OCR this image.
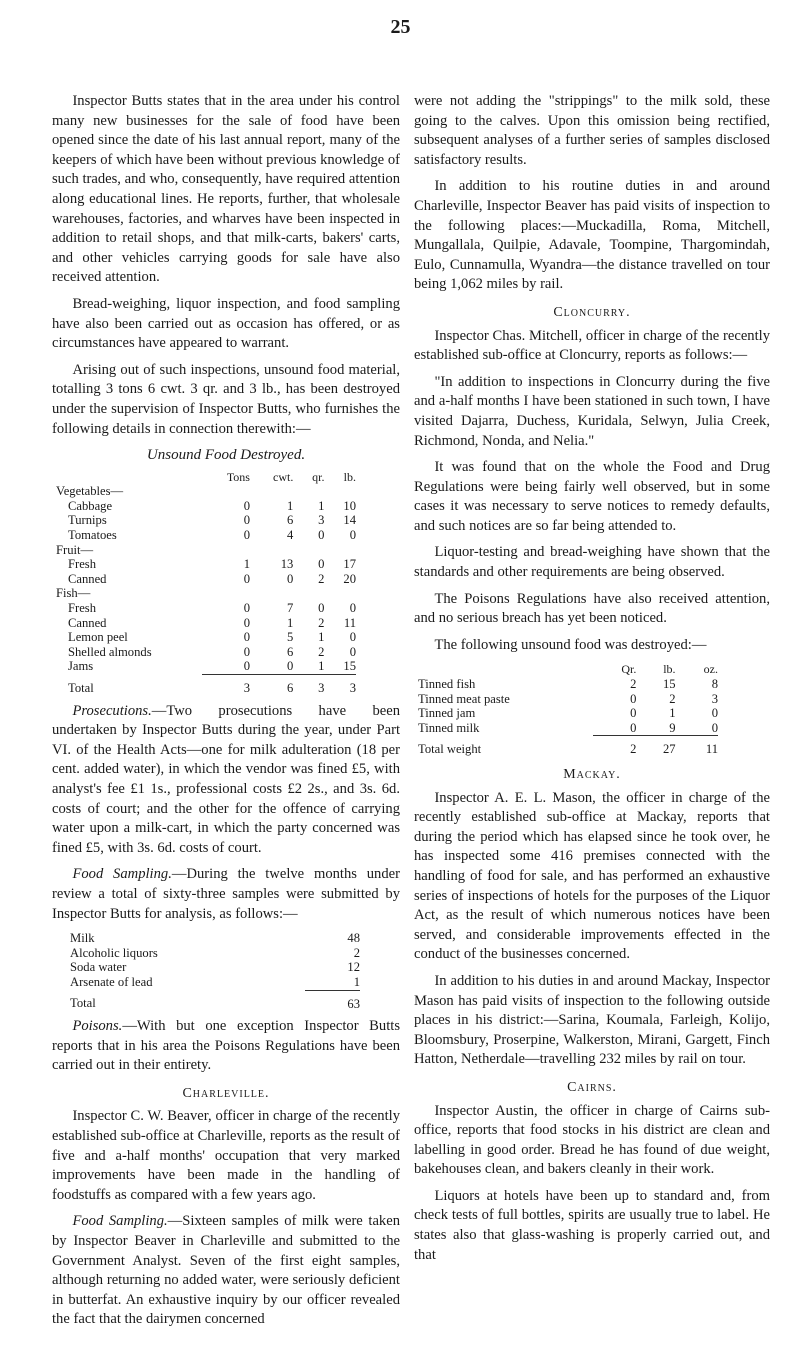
25

Inspector Butts states that in the area under his control many new businesses for the sale of food have been opened since the date of his last annual report, many of the keepers of which have been without previous knowledge of such trades, and who, consequently, have required attention along educational lines. He reports, further, that wholesale warehouses, factories, and wharves have been inspected in addition to retail shops, and that milk-carts, bakers' carts, and other vehicles carrying goods for sale have also received attention.

Bread-weighing, liquor inspection, and food sampling have also been carried out as occasion has offered, or as circumstances have appeared to warrant.

Arising out of such inspections, unsound food material, totalling 3 tons 6 cwt. 3 qr. and 3 lb., has been destroyed under the supervision of Inspector Butts, who furnishes the following details in connection therewith:—

Unsound Food Destroyed.
	Tons	cwt.	qr.	lb.
Vegetables—				
Cabbage	0	1	1	10
Turnips	0	6	3	14
Tomatoes	0	4	0	0
Fruit—				
Fresh	1	13	0	17
Canned	0	0	2	20
Fish—				
Fresh	0	7	0	0
Canned	0	1	2	11
Lemon peel	0	5	1	0
Shelled almonds	0	6	2	0
Jams	0	0	1	15
Total	3	6	3	3

Prosecutions.—Two prosecutions have been undertaken by Inspector Butts during the year, under Part VI. of the Health Acts—one for milk adulteration (18 per cent. added water), in which the vendor was fined £5, with analyst's fee £1 1s., professional costs £2 2s., and 3s. 6d. costs of court; and the other for the offence of carrying water upon a milk-cart, in which the party concerned was fined £5, with 3s. 6d. costs of court.

Food Sampling.—During the twelve months under review a total of sixty-three samples were submitted by Inspector Butts for analysis, as follows:—

Milk	48
Alcoholic liquors	2
Soda water	12
Arsenate of lead	1
Total	63

Poisons.—With but one exception Inspector Butts reports that in his area the Poisons Regulations have been carried out in their entirety.

Charleville.

Inspector C. W. Beaver, officer in charge of the recently established sub-office at Charleville, reports as the result of five and a-half months' occupation that very marked improvements have been made in the handling of foodstuffs as compared with a few years ago.

Food Sampling.—Sixteen samples of milk were taken by Inspector Beaver in Charleville and submitted to the Government Analyst. Seven of the first eight samples, although returning no added water, were seriously deficient in butterfat. An exhaustive inquiry by our officer revealed the fact that the dairymen concerned

were not adding the "strippings" to the milk sold, these going to the calves. Upon this omission being rectified, subsequent analyses of a further series of samples disclosed satisfactory results.

In addition to his routine duties in and around Charleville, Inspector Beaver has paid visits of inspection to the following places:—Muckadilla, Roma, Mitchell, Mungallala, Quilpie, Adavale, Toompine, Thargomindah, Eulo, Cunnamulla, Wyandra—the distance travelled on tour being 1,062 miles by rail.

Cloncurry.

Inspector Chas. Mitchell, officer in charge of the recently established sub-office at Cloncurry, reports as follows:—

"In addition to inspections in Cloncurry during the five and a-half months I have been stationed in such town, I have visited Dajarra, Duchess, Kuridala, Selwyn, Julia Creek, Richmond, Nonda, and Nelia."

It was found that on the whole the Food and Drug Regulations were being fairly well observed, but in some cases it was necessary to serve notices to remedy defaults, and such notices are so far being attended to.

Liquor-testing and bread-weighing have shown that the standards and other requirements are being observed.

The Poisons Regulations have also received attention, and no serious breach has yet been noticed.

The following unsound food was destroyed:—

	Qr.	lb.	oz.
Tinned fish	2	15	8
Tinned meat paste	0	2	3
Tinned jam	0	1	0
Tinned milk	0	9	0
Total weight	2	27	11
Mackay.

Inspector A. E. L. Mason, the officer in charge of the recently established sub-office at Mackay, reports that during the period which has elapsed since he took over, he has inspected some 416 premises connected with the handling of food for sale, and has performed an exhaustive series of inspections of hotels for the purposes of the Liquor Act, as the result of which numerous notices have been served, and considerable improvements effected in the conduct of the businesses concerned.

In addition to his duties in and around Mackay, Inspector Mason has paid visits of inspection to the following outside places in his district:—Sarina, Koumala, Farleigh, Kolijo, Bloomsbury, Proserpine, Walkerston, Mirani, Gargett, Finch Hatton, Netherdale—travelling 232 miles by rail on tour.

Cairns.

Inspector Austin, the officer in charge of Cairns sub-office, reports that food stocks in his district are clean and labelling in good order. Bread he has found of due weight, bakehouses clean, and bakers cleanly in their work.

Liquors at hotels have been up to standard and, from check tests of full bottles, spirits are usually true to label. He states also that glass-washing is properly carried out, and that
